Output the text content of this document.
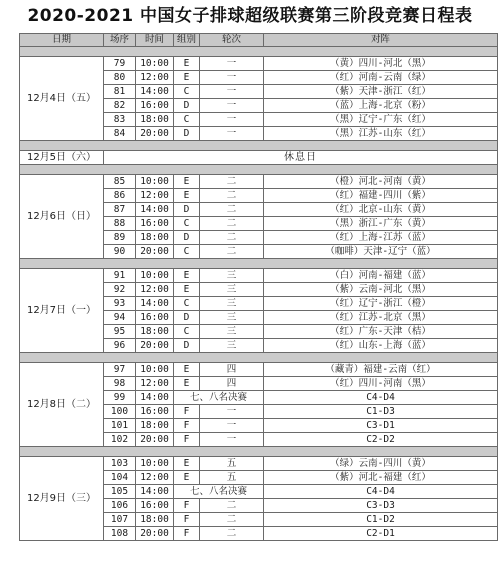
2020-2021 中国女子排球超级联赛第三阶段竞赛日程表
日期	场序	时间	组别	轮次	对阵

12月4日（五）	79	10:00	E	一	（黄）四川-河北（黑）
	80	12:00	E	一	（红）河南-云南（绿）
	81	14:00	C	一	（紫）天津-浙江（红）
	82	16:00	D	一	（蓝）上海-北京（粉）
	83	18:00	C	一	（黑）辽宁-广东（红）
	84	20:00	D	一	（黑）江苏-山东（红）

12月5日（六）	休息日				

12月6日（日）	85	10:00	E	二	（橙）河北-河南（黄）
	86	12:00	E	二	（红）福建-四川（紫）
	87	14:00	D	二	（红）北京-山东（黄）
	88	16:00	C	二	（黑）浙江-广东（黄）
	89	18:00	D	二	（红）上海-江苏（蓝）
	90	20:00	C	二	（咖啡）天津-辽宁（蓝）

12月7日（一）	91	10:00	E	三	（白）河南-福建（蓝）
	92	12:00	E	三	（紫）云南-河北（黑）
	93	14:00	C	三	（红）辽宁-浙江（橙）
	94	16:00	D	三	（红）江苏-北京（黑）
	95	18:00	C	三	（红）广东-天津（桔）
	96	20:00	D	三	（红）山东-上海（蓝）

12月8日（二）	97	10:00	E	四	（藏青）福建-云南（红）
	98	12:00	E	四	（红）四川-河南（黑）
	99	14:00	七、八名决赛		C4-D4
	100	16:00	F	一	C1-D3
	101	18:00	F	一	C3-D1
	102	20:00	F	一	C2-D2

12月9日（三）	103	10:00	E	五	（绿）云南-四川（黄）
	104	12:00	E	五	（紫）河北-福建（红）
	105	14:00	七、八名决赛		C4-D4
	106	16:00	F	二	C3-D3
	107	18:00	F	二	C1-D2
	108	20:00	F	二	C2-D1
